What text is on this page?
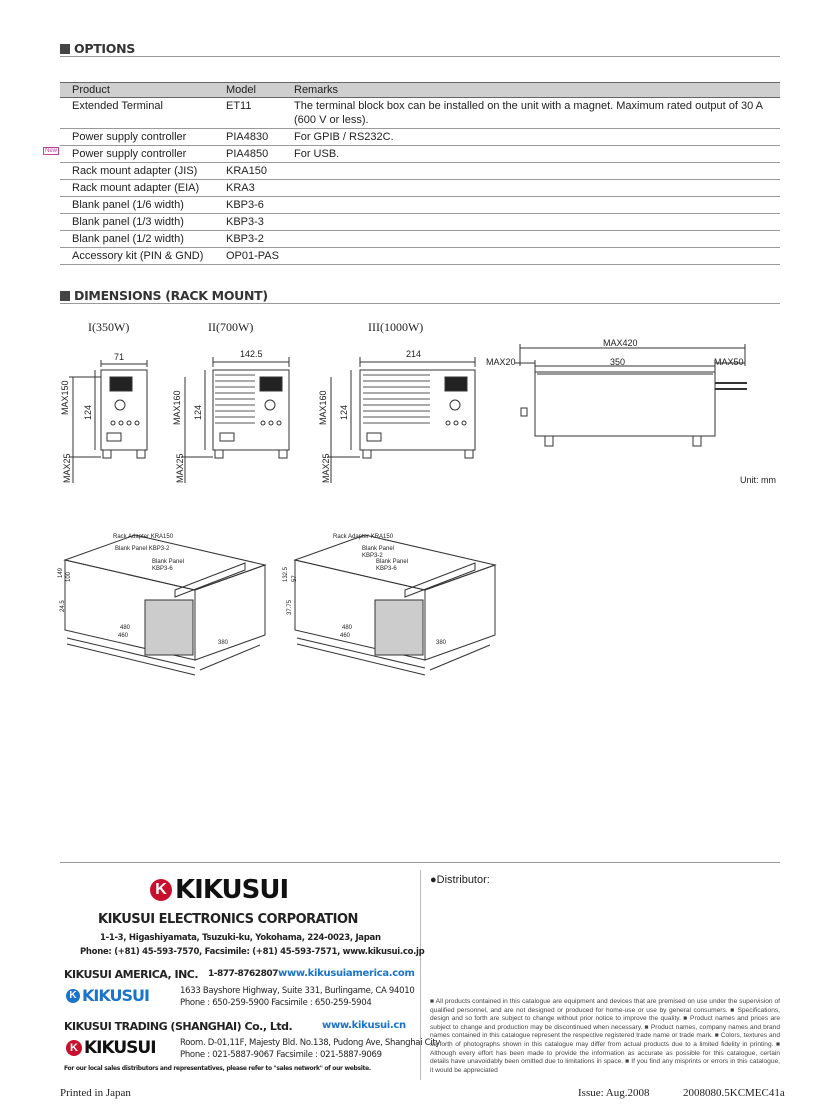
OPTIONS
New
Product	Model	Remarks
Extended Terminal	ET11	The terminal block box can be installed on the unit with a magnet. Maximum rated output of 30 A (600 V or less).
Power supply controller	PIA4830	For GPIB / RS232C.
Power supply controller	PIA4850	For USB.
Rack mount adapter (JIS)	KRA150	
Rack mount adapter (EIA)	KRA3	
Blank panel (1/6 width)	KBP3-6	
Blank panel (1/3 width)	KBP3-3	
Blank panel (1/2 width)	KBP3-2	
Accessory kit (PIN & GND)	OP01-PAS	
DIMENSIONS (RACK MOUNT)
I(350W)	II(700W)	III(1000W)
71	142.5	214
MAX150 124
MAX25
MAX160 124
MAX25
MAX160 124
MAX25
MAX420
MAX20	350	MAX50
Unit: mm
Rack Adapter KRA150
Blank Panel KBP3-2
Blank Panel
KBP3-6
149 100
24.5
480
460
380
Rack Adapter KRA150
Blank Panel
KBP3-2
Blank Panel
KBP3-6
132.5 57
37.75
480
460
380
K KIKUSUI
KIKUSUI ELECTRONICS CORPORATION
1-1-3, Higashiyamata, Tsuzuki-ku, Yokohama, 224-0023, Japan
Phone: (+81) 45-593-7570, Facsimile: (+81) 45-593-7571, www.kikusui.co.jp
KIKUSUI AMERICA, INC. 1-877-8762807 www.kikusuiamerica.com
K KIKUSUI	1633 Bayshore Highway, Suite 331, Burlingame, CA 94010
Phone : 650-259-5900 Facsimile : 650-259-5904
KIKUSUI TRADING (SHANGHAI) Co., Ltd.	www.kikusui.cn
K KIKUSUI	Room. D-01,11F, Majesty Bld. No.138, Pudong Ave, Shanghai City
Phone : 021-5887-9067 Facsimile : 021-5887-9069
For our local sales distributors and representatives, please refer to "sales network" of our website.
●Distributor:
■ All products contained in this catalogue are equipment and devices that are premised on use under the supervision of qualified personnel, and are not designed or produced for home-use or use by general consumers. ■ Specifications, design and so forth are subject to change without prior notice to improve the quality. ■ Product names and prices are subject to change and production may be discontinued when necessary. ■ Product names, company names and brand names contained in this catalogue represent the respective registered trade name or trade mark. ■ Colors, textures and so forth of photographs shown in this catalogue may differ from actual products due to a limited fidelity in printing. ■ Although every effort has been made to provide the information as accurate as possible for this catalogue, certain details have unavoidably been omitted due to limitations in space. ■ If you find any misprints or errors in this catalogue, it would be appreciated
Printed in Japan	Issue: Aug.2008	2008080.5KCMEC41a
